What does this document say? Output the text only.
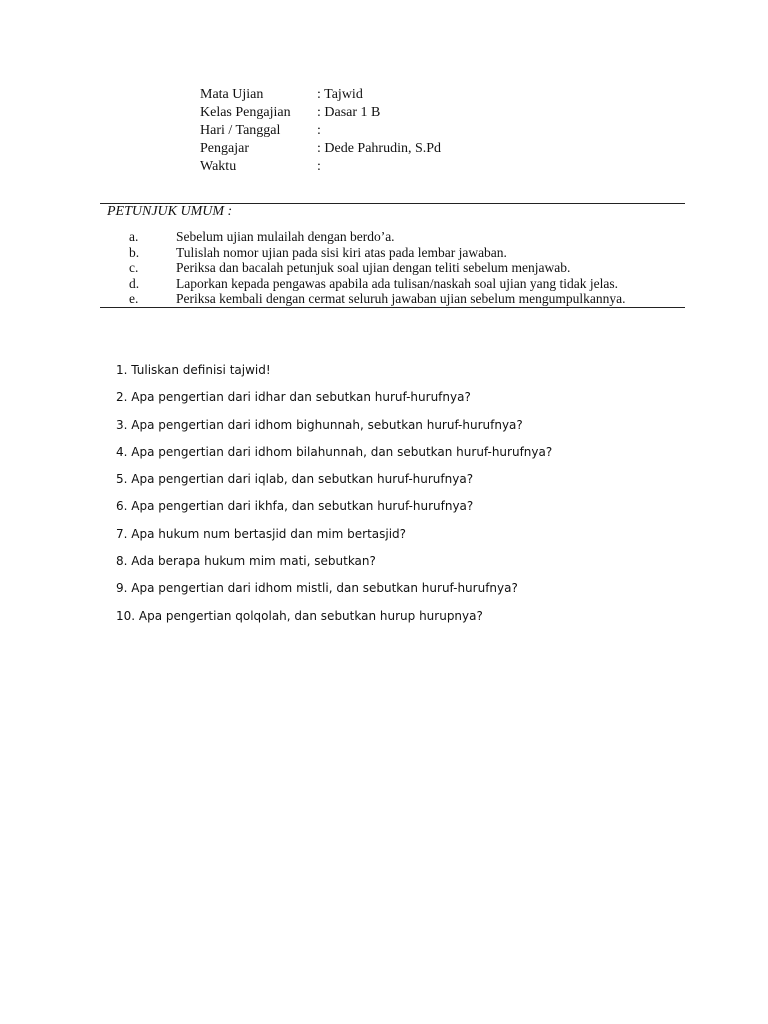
Mata Ujian	: Tajwid
Kelas Pengajian	: Dasar 1 B
Hari / Tanggal	:
Pengajar	: Dede Pahrudin, S.Pd
Waktu	:
PETUNJUK UMUM :
a.	Sebelum ujian mulailah dengan berdo’a.
b.	Tulislah nomor ujian pada sisi kiri atas pada lembar jawaban.
c.	Periksa dan bacalah petunjuk soal ujian dengan teliti sebelum menjawab.
d.	Laporkan kepada pengawas apabila ada tulisan/naskah soal ujian yang tidak jelas.
e.	Periksa kembali dengan cermat seluruh jawaban ujian sebelum mengumpulkannya.
1. Tuliskan definisi tajwid!
2. Apa pengertian dari idhar dan sebutkan huruf-hurufnya?
3. Apa pengertian dari idhom bighunnah, sebutkan huruf-hurufnya?
4. Apa pengertian dari idhom bilahunnah, dan sebutkan huruf-hurufnya?
5. Apa pengertian dari iqlab, dan sebutkan huruf-hurufnya?
6. Apa pengertian dari ikhfa, dan sebutkan huruf-hurufnya?
7. Apa hukum num bertasjid dan mim bertasjid?
8. Ada berapa hukum mim mati, sebutkan?
9. Apa pengertian dari idhom mistli, dan sebutkan huruf-hurufnya?
10. Apa pengertian qolqolah, dan sebutkan hurup hurupnya?
